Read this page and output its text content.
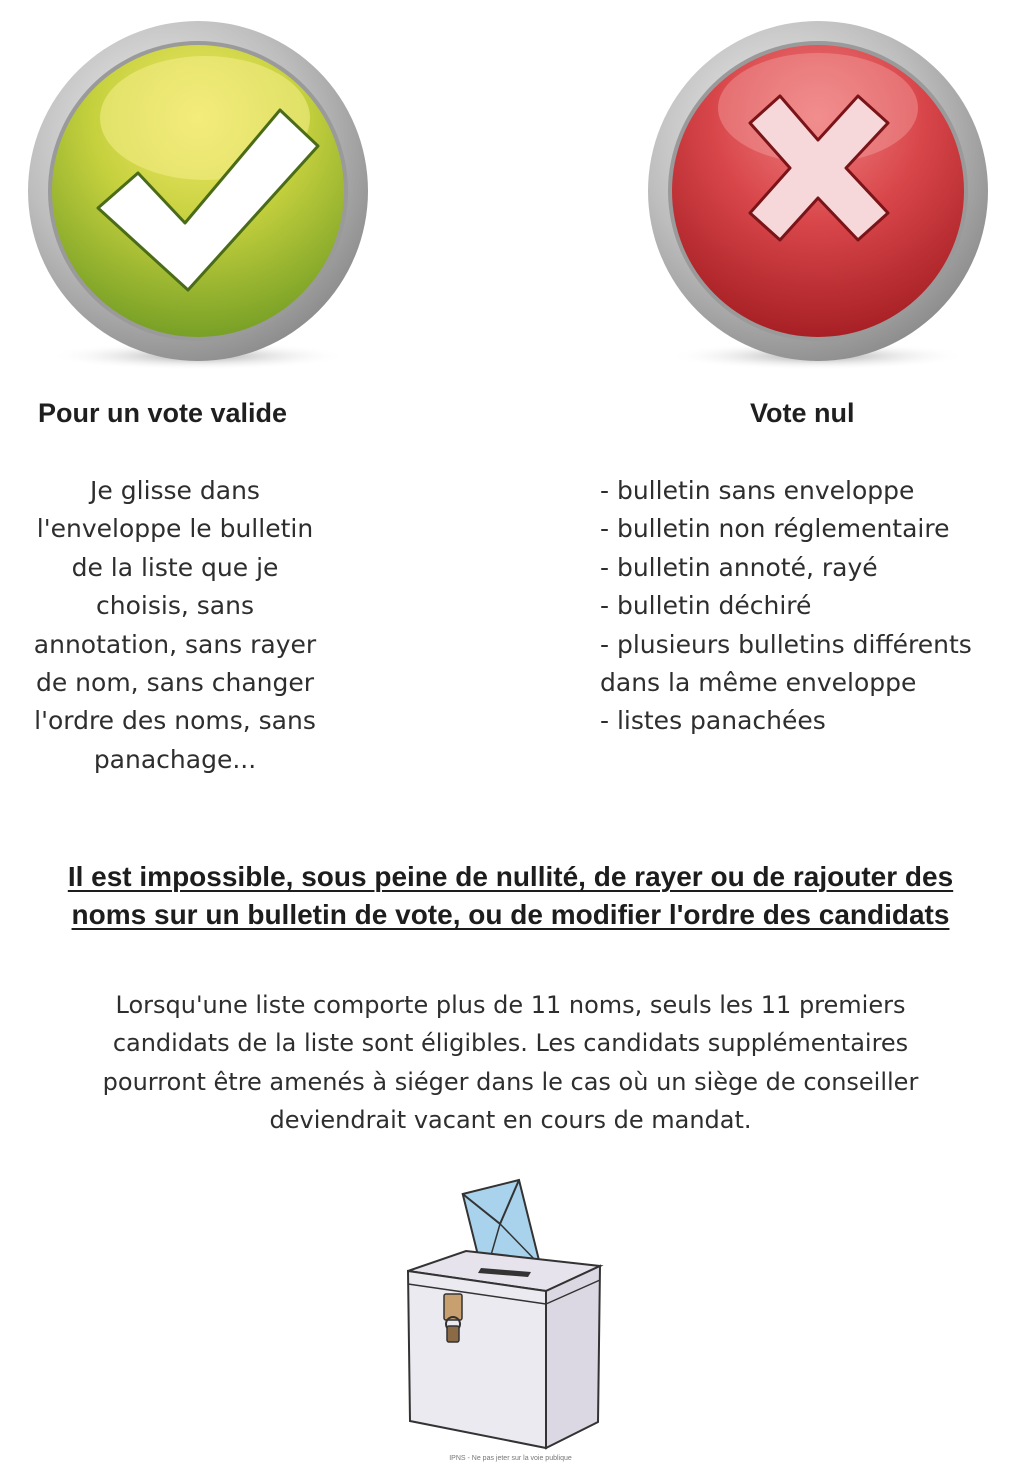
Pour un vote valide	Vote nul
Je glisse dans
l'enveloppe le bulletin
de la liste que je
choisis, sans
annotation, sans rayer
de nom, sans changer
l'ordre des noms, sans
panachage...
- bulletin sans enveloppe
- bulletin non réglementaire
- bulletin annoté, rayé
- bulletin déchiré
- plusieurs bulletins différents
dans la même enveloppe
- listes panachées
Il est impossible, sous peine de nullité, de rayer ou de rajouter des
noms sur un bulletin de vote, ou de modifier l'ordre des candidats
Lorsqu'une liste comporte plus de 11 noms, seuls les 11 premiers
candidats de la liste sont éligibles. Les candidats supplémentaires
pourront être amenés à siéger dans le cas où un siège de conseiller
deviendrait vacant en cours de mandat.
IPNS - Ne pas jeter sur la voie publique
